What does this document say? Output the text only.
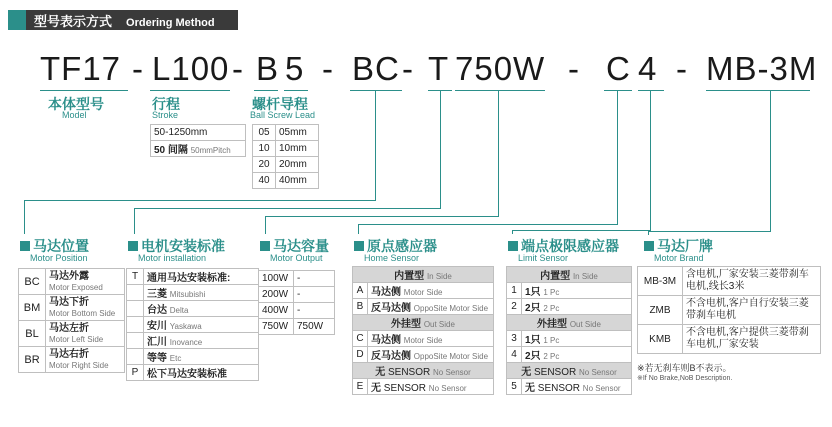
型号表示方式 Ordering Method
TF17 - L100 - B 5 - BC - T 750W - C 4 - MB-3M
本体型号
Model
行程
Stroke
螺杆导程
Ball Screw Lead
50-1250mm
50 间隔 50mmPitch
05	05mm
10	10mm
20	20mm
40	40mm
马达位置
Motor Position
BC	马达外露
Motor Exposed

BM	马达下折
Motor Bottom Side

BL	马达左折
Motor Left Side

BR	马达右折
Motor Right Side
电机安装标准
Motor installation
T	通用马达安装标准:
	三菱 Mitsubishi
	台达 Delta
	安川 Yaskawa
	汇川 Inovance
	等等 Etc
P	松下马达安装标准
马达容量
Motor Output
100W	-
200W	-
400W	-
750W	750W
原点感应器
Home Sensor
内置型 In Side	
A	马达侧 Motor Side
B	反马达侧 OppoSite Motor Side
外挂型 Out Side	
C	马达侧 Motor Side
D	反马达侧 OppoSite Motor Side
无 SENSOR No Sensor	
E	无 SENSOR No Sensor
端点极限感应器
Limit Sensor
内置型 In Side	
1	1只 1 Pc
2	2只 2 Pc
外挂型 Out Side	
3	1只 1 Pc
4	2只 2 Pc
无 SENSOR No Sensor	
5	无 SENSOR No Sensor
马达厂牌
Motor Brand
MB-3M	含电机,厂家安装三菱带刹车电机,线长3米
ZMB	不含电机,客户自行安装三菱带刹车电机
KMB	不含电机,客户提供三菱带刹车电机,厂家安装
※若无刹车则B不表示。
※If No Brake,NoB Description.
